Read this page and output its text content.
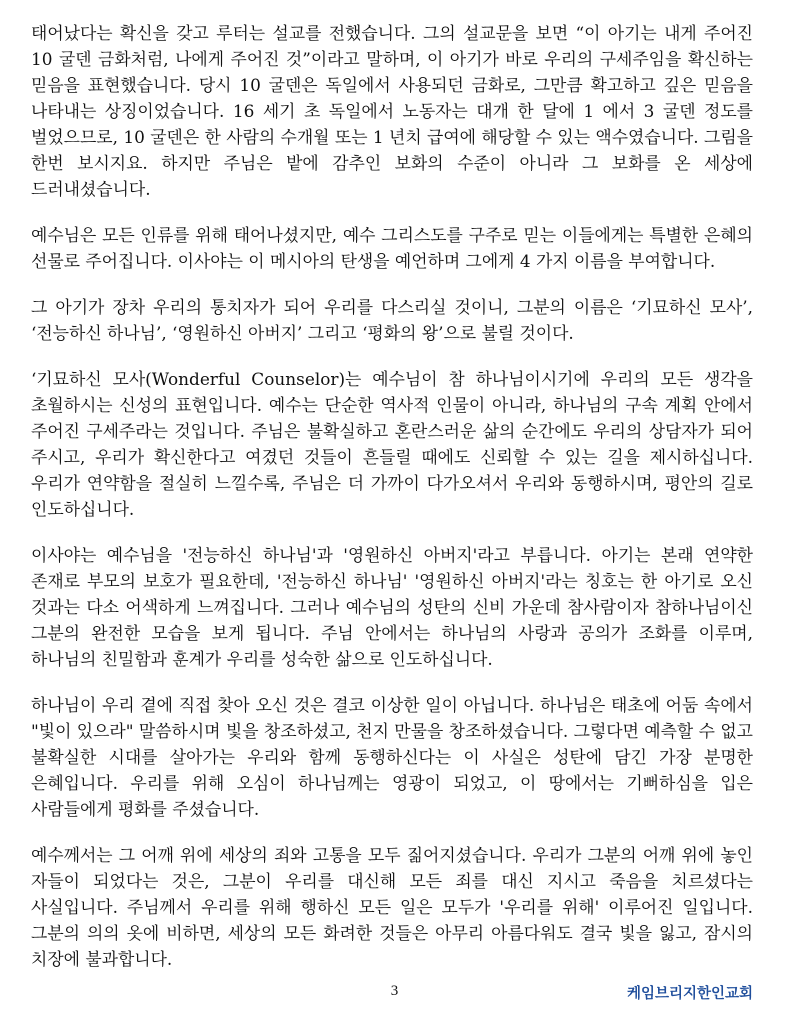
태어났다는 확신을 갖고 루터는 설교를 전했습니다. 그의 설교문을 보면 “이 아기는 내게 주어진 10 굴덴 금화처럼, 나에게 주어진 것”이라고 말하며, 이 아기가 바로 우리의 구세주임을 확신하는 믿음을 표현했습니다. 당시 10 굴덴은 독일에서 사용되던 금화로, 그만큼 확고하고 깊은 믿음을 나타내는 상징이었습니다. 16 세기 초 독일에서 노동자는 대개 한 달에 1 에서 3 굴덴 정도를 벌었으므로, 10 굴덴은 한 사람의 수개월 또는 1 년치 급여에 해당할 수 있는 액수였습니다. 그림을 한번 보시지요. 하지만 주님은 밭에 감추인 보화의 수준이 아니라 그 보화를 온 세상에 드러내셨습니다.
예수님은 모든 인류를 위해 태어나셨지만, 예수 그리스도를 구주로 믿는 이들에게는 특별한 은혜의 선물로 주어집니다. 이사야는 이 메시아의 탄생을 예언하며 그에게 4 가지 이름을 부여합니다.
그 아기가 장차 우리의 통치자가 되어 우리를 다스리실 것이니, 그분의 이름은 ‘기묘하신 모사’, ‘전능하신 하나님’, ‘영원하신 아버지’ 그리고 ‘평화의 왕’으로 불릴 것이다.
‘기묘하신 모사(Wonderful Counselor)는 예수님이 참 하나님이시기에 우리의 모든 생각을 초월하시는 신성의 표현입니다. 예수는 단순한 역사적 인물이 아니라, 하나님의 구속 계획 안에서 주어진 구세주라는 것입니다. 주님은 불확실하고 혼란스러운 삶의 순간에도 우리의 상담자가 되어 주시고, 우리가 확신한다고 여겼던 것들이 흔들릴 때에도 신뢰할 수 있는 길을 제시하십니다. 우리가 연약함을 절실히 느낄수록, 주님은 더 가까이 다가오셔서 우리와 동행하시며, 평안의 길로 인도하십니다.
이사야는 예수님을 '전능하신 하나님'과 '영원하신 아버지'라고 부릅니다. 아기는 본래 연약한 존재로 부모의 보호가 필요한데, '전능하신 하나님' '영원하신 아버지'라는 칭호는 한 아기로 오신 것과는 다소 어색하게 느껴집니다. 그러나 예수님의 성탄의 신비 가운데 참사람이자 참하나님이신 그분의 완전한 모습을 보게 됩니다. 주님 안에서는 하나님의 사랑과 공의가 조화를 이루며, 하나님의 친밀함과 훈계가 우리를 성숙한 삶으로 인도하십니다.
하나님이 우리 곁에 직접 찾아 오신 것은 결코 이상한 일이 아닙니다. 하나님은 태초에 어둠 속에서 "빛이 있으라" 말씀하시며 빛을 창조하셨고, 천지 만물을 창조하셨습니다. 그렇다면 예측할 수 없고 불확실한 시대를 살아가는 우리와 함께 동행하신다는 이 사실은 성탄에 담긴 가장 분명한 은혜입니다. 우리를 위해 오심이 하나님께는 영광이 되었고, 이 땅에서는 기뻐하심을 입은 사람들에게 평화를 주셨습니다.
예수께서는 그 어깨 위에 세상의 죄와 고통을 모두 짊어지셨습니다. 우리가 그분의 어깨 위에 놓인 자들이 되었다는 것은, 그분이 우리를 대신해 모든 죄를 대신 지시고 죽음을 치르셨다는 사실입니다. 주님께서 우리를 위해 행하신 모든 일은 모두가 '우리를 위해' 이루어진 일입니다. 그분의 의의 옷에 비하면, 세상의 모든 화려한 것들은 아무리 아름다워도 결국 빛을 잃고, 잠시의 치장에 불과합니다.
3	케임브리지한인교회
